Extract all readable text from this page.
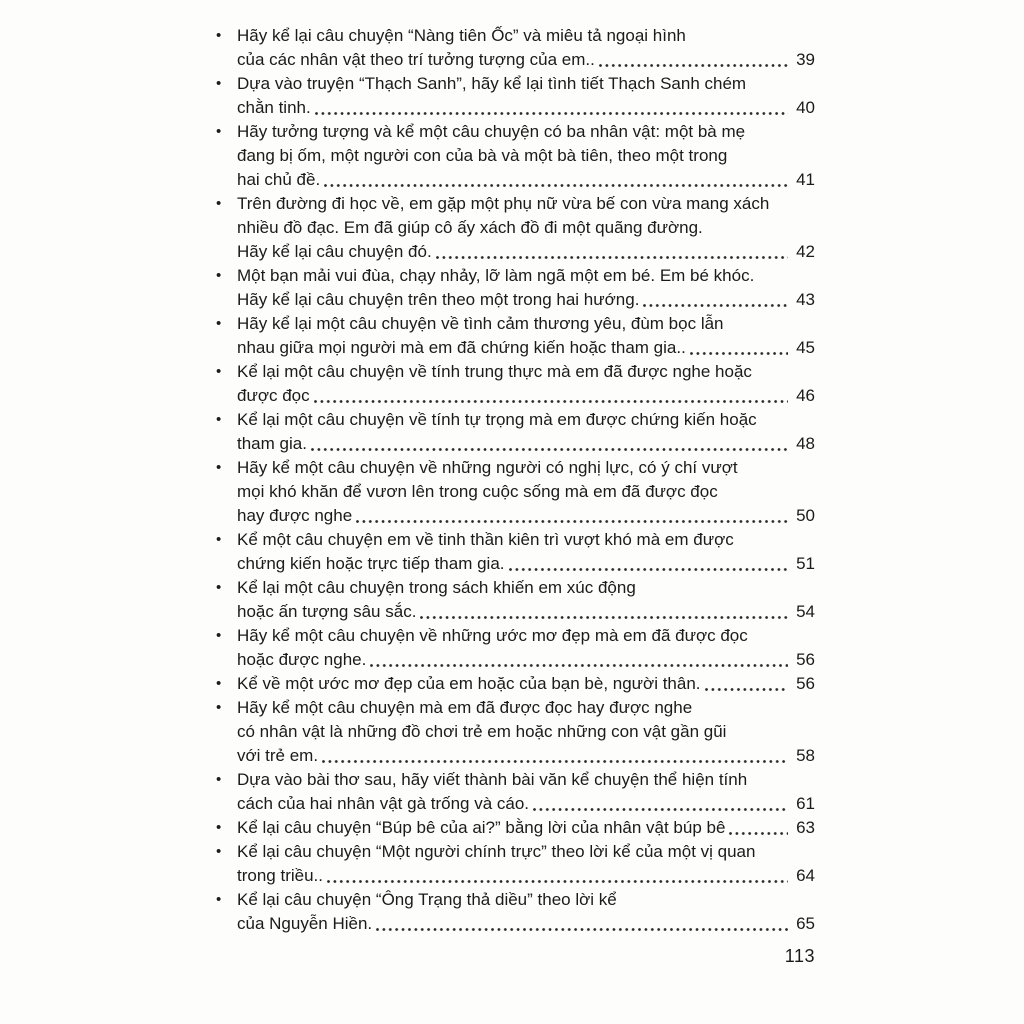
• Hãy kể lại câu chuyện “Nàng tiên Ốc” và miêu tả ngoại hình
của các nhân vật theo trí tưởng tượng của em..	39
• Dựa vào truyện “Thạch Sanh”, hãy kể lại tình tiết Thạch Sanh chém
chằn tinh.	40
• Hãy tưởng tượng và kể một câu chuyện có ba nhân vật: một bà mẹ
đang bị ốm, một người con của bà và một bà tiên, theo một trong
hai chủ đề.	41
• Trên đường đi học về, em gặp một phụ nữ vừa bế con vừa mang xách
nhiều đồ đạc. Em đã giúp cô ấy xách đồ đi một quãng đường.
Hãy kể lại câu chuyện đó.	42
• Một bạn mải vui đùa, chạy nhảy, lỡ làm ngã một em bé. Em bé khóc.
Hãy kể lại câu chuyện trên theo một trong hai hướng.	43
• Hãy kể lại một câu chuyện về tình cảm thương yêu, đùm bọc lẫn
nhau giữa mọi người mà em đã chứng kiến hoặc tham gia..	45
• Kể lại một câu chuyện về tính trung thực mà em đã được nghe hoặc
được đọc	46
• Kể lại một câu chuyện về tính tự trọng mà em được chứng kiến hoặc
tham gia.	48
• Hãy kể một câu chuyện về những người có nghị lực, có ý chí vượt
mọi khó khăn để vươn lên trong cuộc sống mà em đã được đọc
hay được nghe	50
• Kể một câu chuyện em về tinh thần kiên trì vượt khó mà em được
chứng kiến hoặc trực tiếp tham gia.	51
• Kể lại một câu chuyện trong sách khiến em xúc động
hoặc ấn tượng sâu sắc.	54
• Hãy kể một câu chuyện về những ước mơ đẹp mà em đã được đọc
hoặc được nghe.	56
• Kể về một ước mơ đẹp của em hoặc của bạn bè, người thân.	56
• Hãy kể một câu chuyện mà em đã được đọc hay được nghe
có nhân vật là những đồ chơi trẻ em hoặc những con vật gần gũi
với trẻ em.	58
• Dựa vào bài thơ sau, hãy viết thành bài văn kể chuyện thể hiện tính
cách của hai nhân vật gà trống và cáo.	61
• Kể lại câu chuyện “Búp bê của ai?” bằng lời của nhân vật búp bê	63
• Kể lại câu chuyện “Một người chính trực” theo lời kể của một vị quan
trong triều..	64
• Kể lại câu chuyện “Ông Trạng thả diều” theo lời kể
của Nguyễn Hiền.	65
113
